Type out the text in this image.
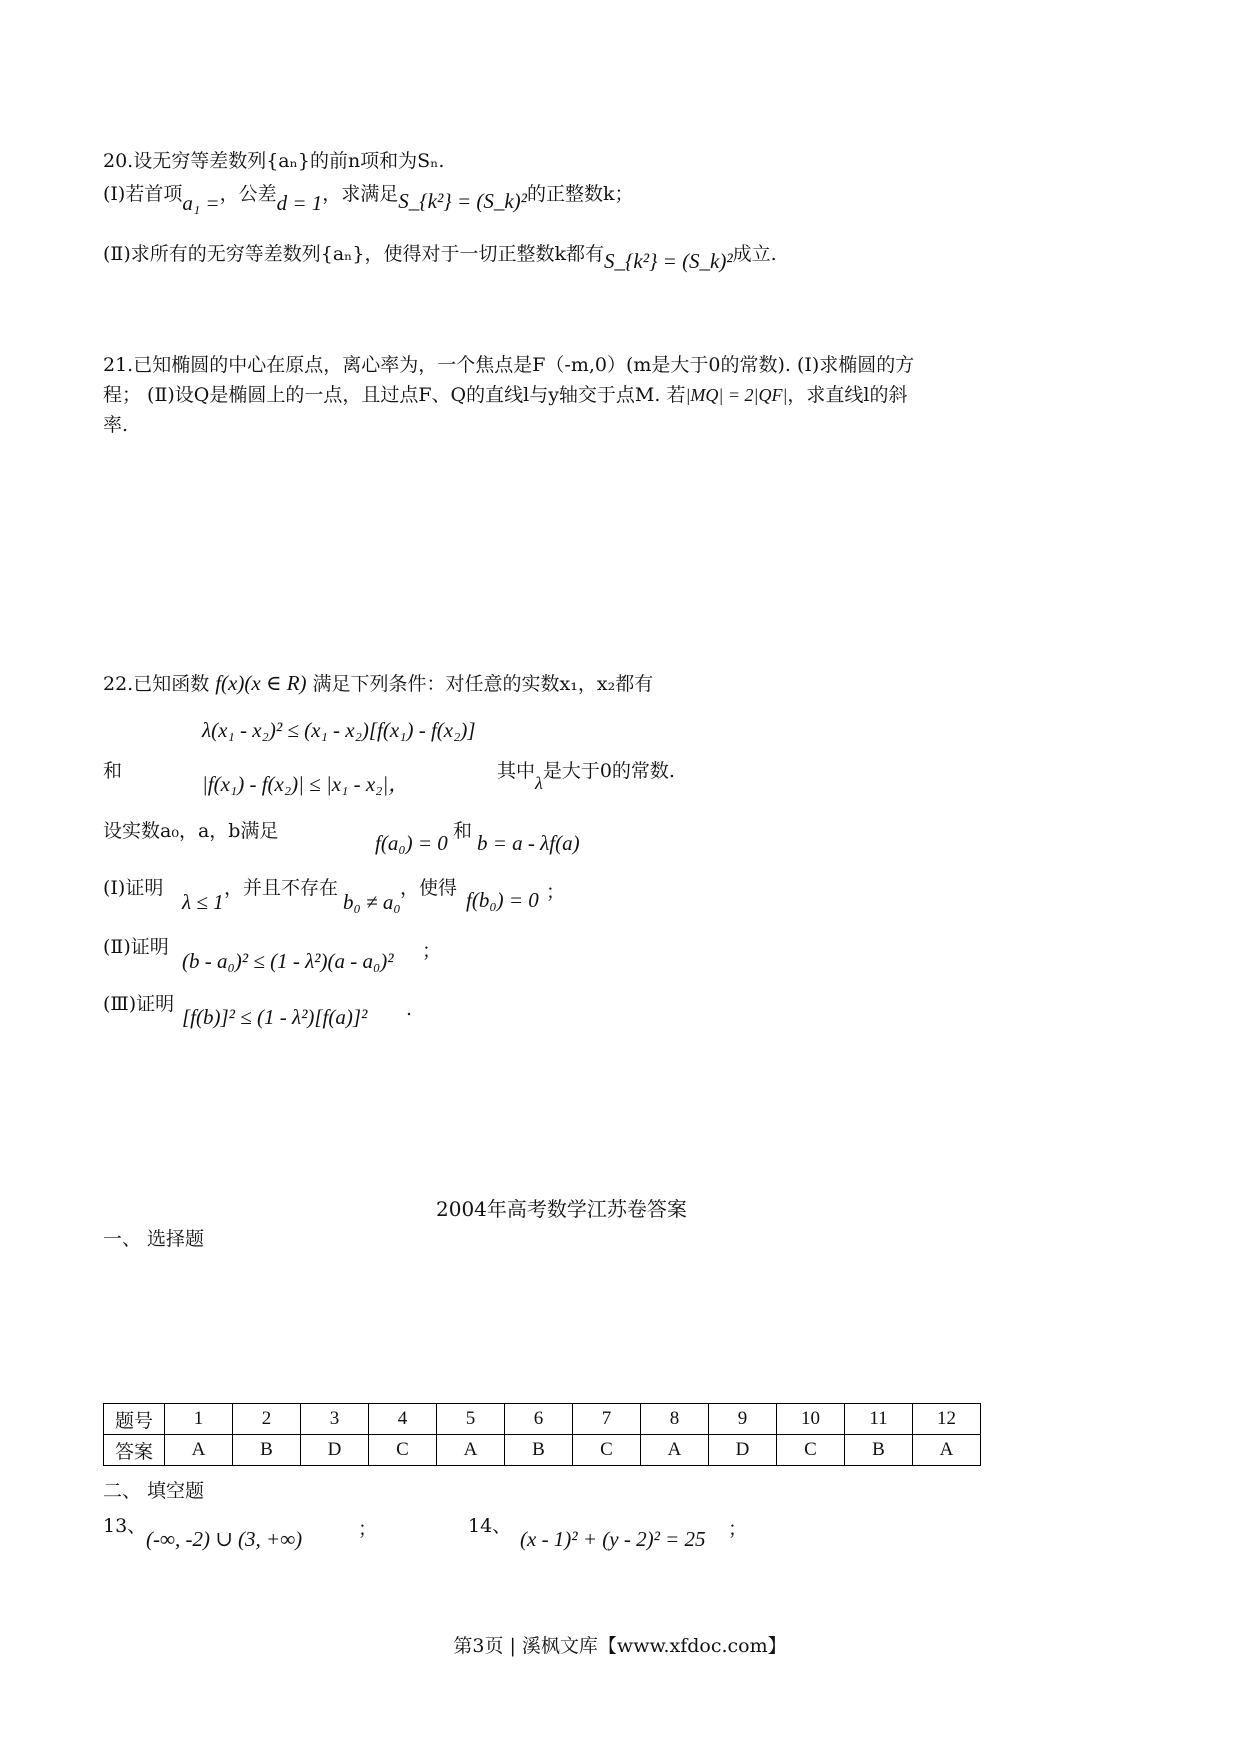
20.设无穷等差数列{aₙ}的前n项和为Sₙ.
(Ⅰ)若首项a₁ =，公差d = 1，求满足S_{k²} = (S_k)²的正整数k；
(Ⅱ)求所有的无穷等差数列{aₙ}，使得对于一切正整数k都有S_{k²} = (S_k)²成立.
21.已知椭圆的中心在原点，离心率为，一个焦点是F（-m,0）(m是大于0的常数). (Ⅰ)求椭圆的方
程； (Ⅱ)设Q是椭圆上的一点，且过点F、Q的直线l与y轴交于点M. 若|MQ| = 2|QF|，求直线l的斜
率.
22.已知函数 f(x)(x ∈ R) 满足下列条件：对任意的实数x₁，x₂都有
λ(x₁ - x₂)² ≤ (x₁ - x₂)[f(x₁) - f(x₂)]
和
|f(x₁) - f(x₂)| ≤ |x₁ - x₂|，
其中λ是大于0的常数.
设实数a₀，a，b满足	f(a₀) = 0 和 b = a - λf(a)
(Ⅰ)证明
λ ≤ 1
，并且不存在
b₀ ≠ a₀
，使得 f(b₀) = 0 ；
(Ⅱ)证明
(b - a₀)² ≤ (1 - λ²)(a - a₀)² ；
(Ⅲ)证明
[f(b)]² ≤ (1 - λ²)[f(a)]² .
2004年高考数学江苏卷答案
一、 选择题
题号	1	2	3	4	5	6	7	8	9	10	11	12
答案	A	B	D	C	A	B	C	A	D	C	B	A
二、 填空题
13、
(-∞, -2) ∪ (3, +∞)	；	14、
(x - 1)² + (y - 2)² = 25 ；
第3页 | 溪枫文库【www.xfdoc.com】
